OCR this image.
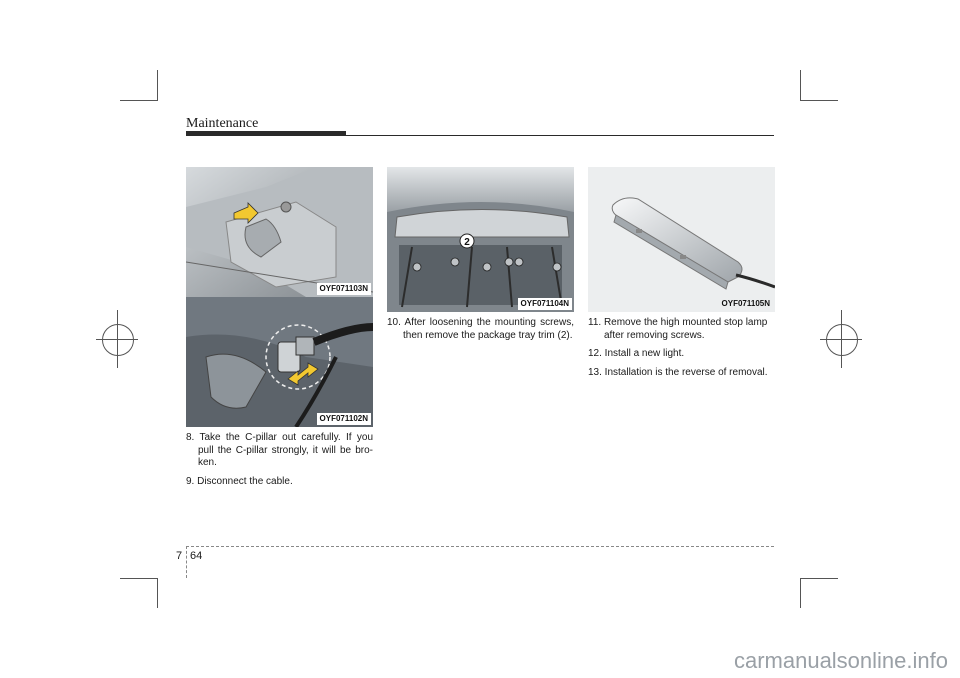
Maintenance
OYF071103N
OYF071102N
2
OYF071104N	OYF071105N

8. Take the C-pillar out carefully. If you pull the C-pillar strongly, it will be bro- ken.

9. Disconnect the cable.

10. After loosening the mounting screws, then remove the package tray trim (2).

11. Remove the high mounted stop lamp after removing screws.

12. Install a new light.

13. Installation is the reverse of removal.

7 64
carmanualsonline.info
